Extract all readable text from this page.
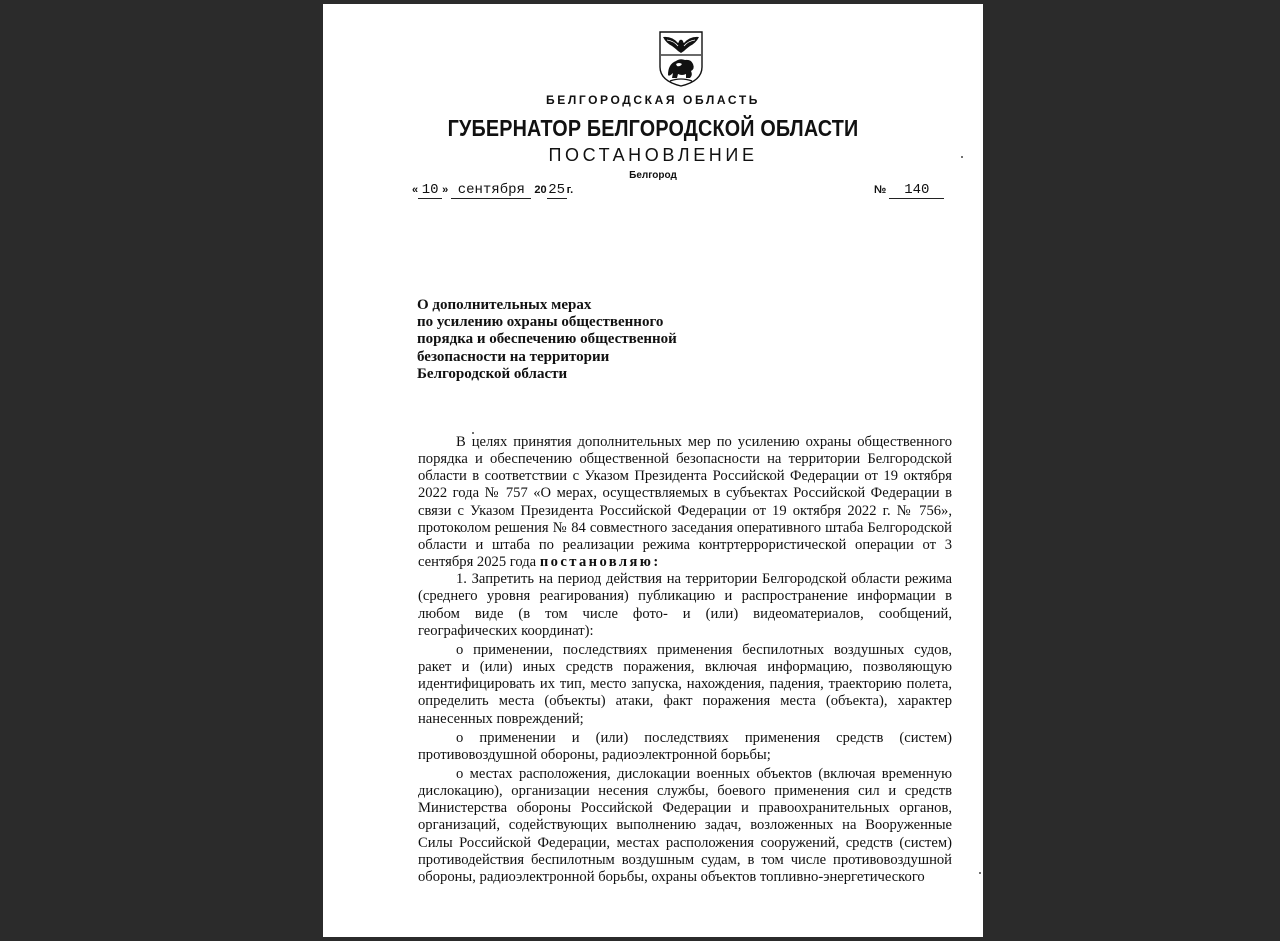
БЕЛГОРОДСКАЯ ОБЛАСТЬ
ГУБЕРНАТОР БЕЛГОРОДСКОЙ ОБЛАСТИ
ПОСТАНОВЛЕНИЕ
Белгород
« 10 » сентября 20 25 г.	№ 140
О дополнительных мерах
по усилению охраны общественного
порядка и обеспечению общественной
безопасности на территории
Белгородской области

В целях принятия дополнительных мер по усилению охраны общественного порядка и обеспечению общественной безопасности на территории Белгородской области в соответствии с Указом Президента Российской Федерации от 19 октября 2022 года № 757 «О мерах, осуществляемых в субъектах Российской Федерации в связи с Указом Президента Российской Федерации от 19 октября 2022 г. № 756», протоколом решения № 84 совместного заседания оперативного штаба Белгородской области и штаба по реализации режима контртеррористической операции от 3 сентября 2025 года постановляю:

1. Запретить на период действия на территории Белгородской области режима (среднего уровня реагирования) публикацию и распространение информации в любом виде (в том числе фото- и (или) видеоматериалов, сообщений, географических координат):

о применении, последствиях применения беспилотных воздушных судов, ракет и (или) иных средств поражения, включая информацию, позволяющую идентифицировать их тип, место запуска, нахождения, падения, траекторию полета, определить места (объекты) атаки, факт поражения места (объекта), характер нанесенных повреждений;

о применении и (или) последствиях применения средств (систем) противовоздушной обороны, радиоэлектронной борьбы;

о местах расположения, дислокации военных объектов (включая временную дислокацию), организации несения службы, боевого применения сил и средств Министерства обороны Российской Федерации и правоохранительных органов, организаций, содействующих выполнению задач, возложенных на Вооруженные Силы Российской Федерации, местах расположения сооружений, средств (систем) противодействия беспилотным воздушным судам, в том числе противовоздушной обороны, радиоэлектронной борьбы, охраны объектов топливно-энергетического
